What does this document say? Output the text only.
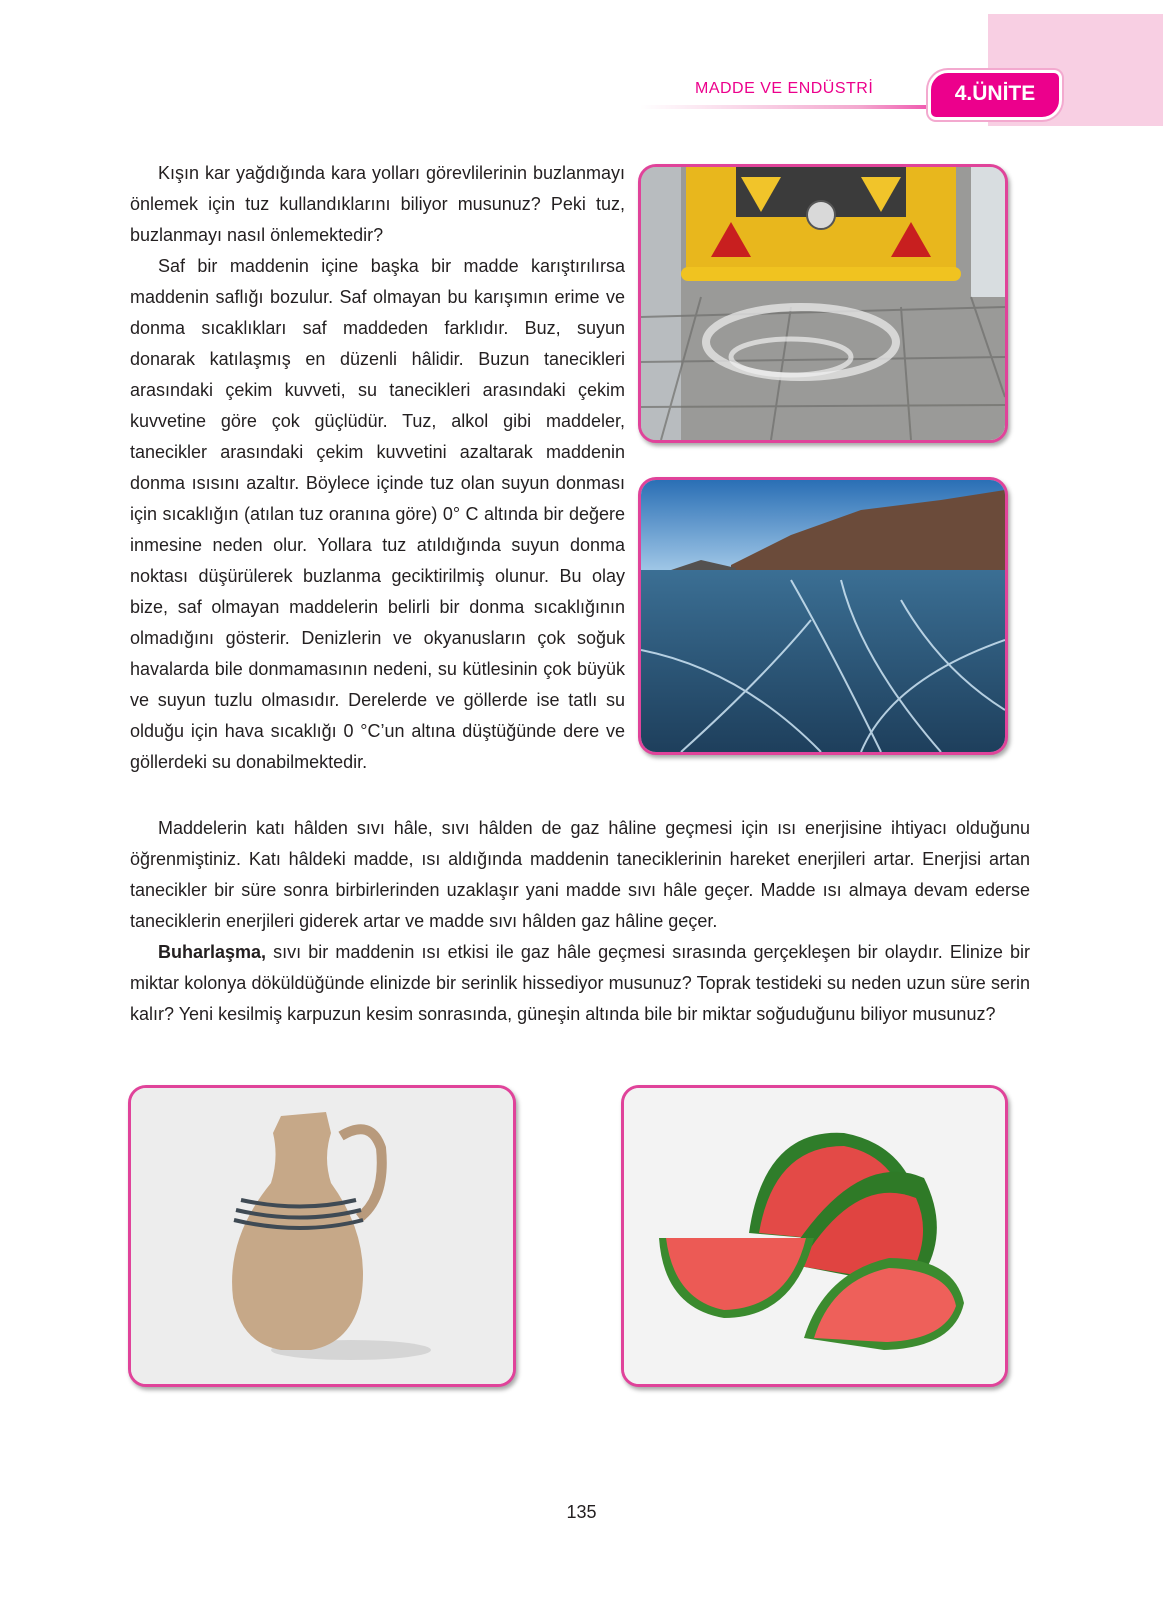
MADDE VE ENDÜSTRİ	4.ÜNİTE

Kışın kar yağdığında kara yolları görevlilerinin buzlanmayı önlemek için tuz kullandıklarını biliyor musunuz? Peki tuz, buzlanmayı nasıl önlemektedir?

Saf bir maddenin içine başka bir madde karıştırılırsa maddenin saflığı bozulur. Saf olmayan bu karışımın erime ve donma sıcaklıkları saf maddeden farklıdır. Buz, suyun donarak katılaşmış en düzenli hâlidir. Buzun tanecikleri arasındaki çekim kuvveti, su tanecikleri arasındaki çekim kuvvetine göre çok güçlüdür. Tuz, alkol gibi maddeler, tanecikler arasındaki çekim kuvvetini azaltarak maddenin donma ısısını azaltır. Böylece içinde tuz olan suyun donması için sıcaklığın (atılan tuz oranına göre) 0° C altında bir değere inmesine neden olur. Yollara tuz atıldığında suyun donma noktası düşürülerek buzlanma geciktirilmiş olunur. Bu olay bize, saf olmayan maddelerin belirli bir donma sıcaklığının olmadığını gösterir. Denizlerin ve okyanusların çok soğuk havalarda bile donmamasının nedeni, su kütlesinin çok büyük ve suyun tuzlu olmasıdır. Derelerde ve göllerde ise tatlı su olduğu için hava sıcaklığı 0 °C’un altına düştüğünde dere ve göllerdeki su donabilmektedir.

Maddelerin katı hâlden sıvı hâle, sıvı hâlden de gaz hâline geçmesi için ısı enerjisine ihtiyacı olduğunu öğrenmiştiniz. Katı hâldeki madde, ısı aldığında maddenin taneciklerinin hareket enerjileri artar. Enerjisi artan tanecikler bir süre sonra birbirlerinden uzaklaşır yani madde sıvı hâle geçer. Madde ısı almaya devam ederse taneciklerin enerjileri giderek artar ve madde sıvı hâlden gaz hâline geçer.

Buharlaşma, sıvı bir maddenin ısı etkisi ile gaz hâle geçmesi sırasında gerçekleşen bir olaydır. Elinize bir miktar kolonya döküldüğünde elinizde bir serinlik hissediyor musunuz? Toprak testideki su neden uzun süre serin kalır? Yeni kesilmiş karpuzun kesim sonrasında, güneşin altında bile bir miktar soğuduğunu biliyor musunuz?

135
